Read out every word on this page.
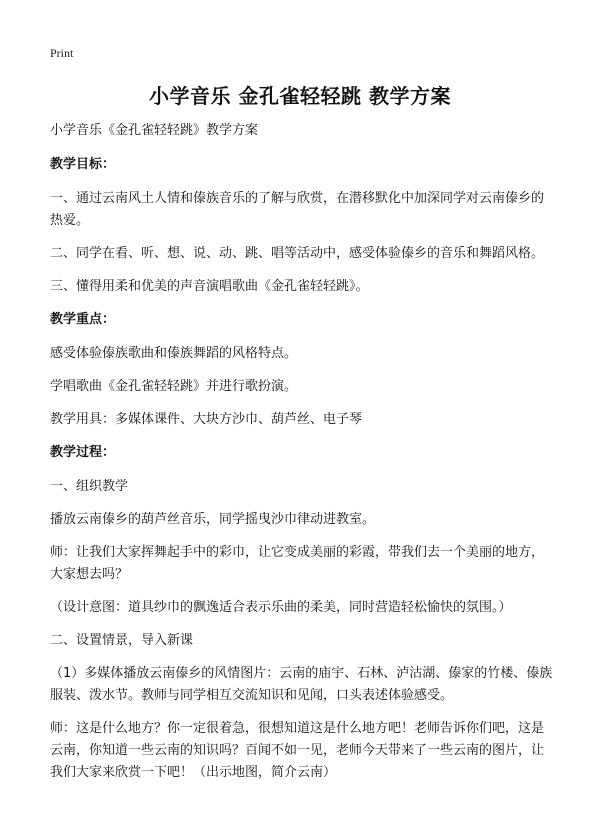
Print
小学音乐 金孔雀轻轻跳 教学方案

小学音乐《金孔雀轻轻跳》教学方案

教学目标：

一、通过云南风土人情和傣族音乐的了解与欣赏，在潜移默化中加深同学对云南傣乡的热爱。

二、同学在看、听、想、说、动、跳、唱等活动中，感受体验傣乡的音乐和舞蹈风格。

三、懂得用柔和优美的声音演唱歌曲《金孔雀轻轻跳》。

教学重点：

感受体验傣族歌曲和傣族舞蹈的风格特点。

学唱歌曲《金孔雀轻轻跳》并进行歌扮演。

教学用具：多媒体课件、大块方沙巾、葫芦丝、电子琴

教学过程：

一、组织教学

播放云南傣乡的葫芦丝音乐，同学摇曳沙巾律动进教室。

师：让我们大家挥舞起手中的彩巾，让它变成美丽的彩霞，带我们去一个美丽的地方，大家想去吗？

（设计意图：道具纱巾的飘逸适合表示乐曲的柔美，同时营造轻松愉快的氛围。）

二、设置情景，导入新课

（1）多媒体播放云南傣乡的风情图片：云南的庙宇、石林、泸沽湖、傣家的竹楼、傣族服装、泼水节。教师与同学相互交流知识和见闻，口头表述体验感受。

师：这是什么地方？你一定很着急，很想知道这是什么地方吧！老师告诉你们吧，这是云南，你知道一些云南的知识吗？百闻不如一见，老师今天带来了一些云南的图片，让我们大家来欣赏一下吧！（出示地图，简介云南）
